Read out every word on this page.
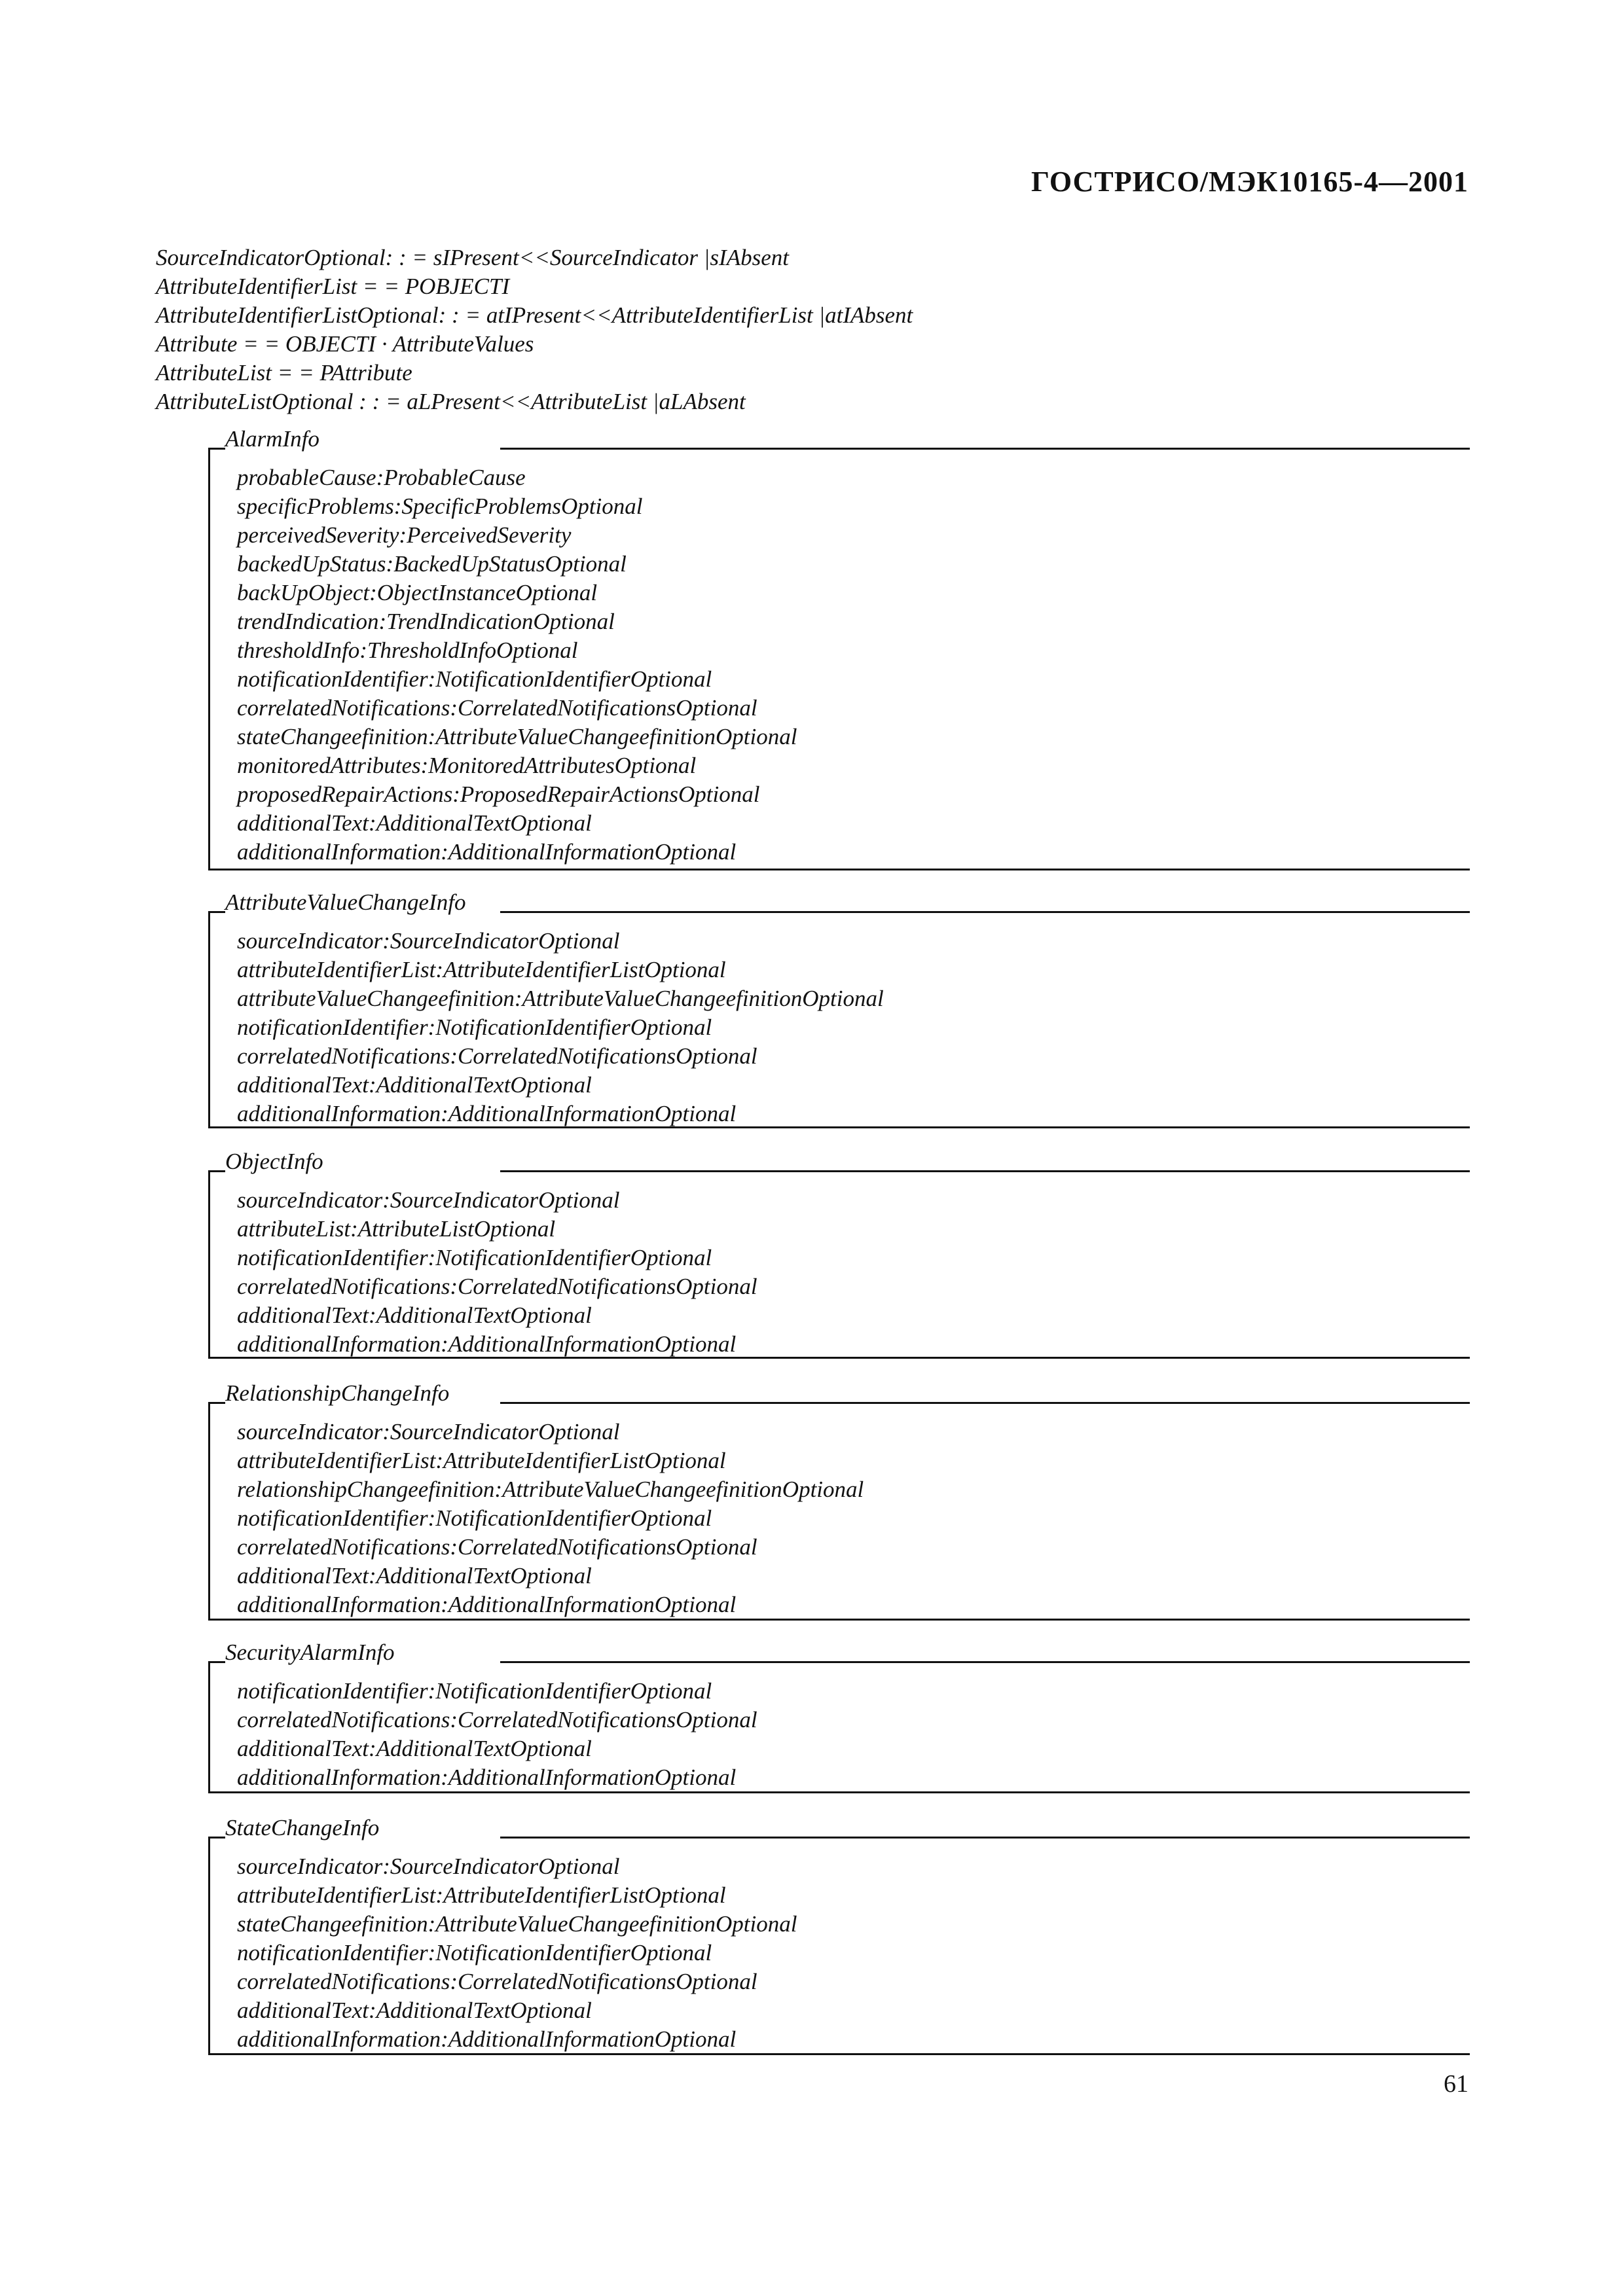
ГОСТРИСО/МЭК10165-4—2001
SourceIndicatorOptional: : = sIPresent<<SourceIndicator |sIAbsent
AttributeIdentifierList = = POBJECTI
AttributeIdentifierListOptional: : = atIPresent<<AttributeIdentifierList |atIAbsent
Attribute = = OBJECTI · AttributeValues
AttributeList = = PAttribute
AttributeListOptional : : = aLPresent<<AttributeList |aLAbsent
AlarmInfo
probableCause:ProbableCause
specificProblems:SpecificProblemsOptional
perceivedSeverity:PerceivedSeverity
backedUpStatus:BackedUpStatusOptional
backUpObject:ObjectInstanceOptional
trendIndication:TrendIndicationOptional
thresholdInfo:ThresholdInfoOptional
notificationIdentifier:NotificationIdentifierOptional
correlatedNotifications:CorrelatedNotificationsOptional
stateChangeefinition:AttributeValueChangeefinitionOptional
monitoredAttributes:MonitoredAttributesOptional
proposedRepairActions:ProposedRepairActionsOptional
additionalText:AdditionalTextOptional
additionalInformation:AdditionalInformationOptional
AttributeValueChangeInfo
sourceIndicator:SourceIndicatorOptional
attributeIdentifierList:AttributeIdentifierListOptional
attributeValueChangeefinition:AttributeValueChangeefinitionOptional
notificationIdentifier:NotificationIdentifierOptional
correlatedNotifications:CorrelatedNotificationsOptional
additionalText:AdditionalTextOptional
additionalInformation:AdditionalInformationOptional
ObjectInfo
sourceIndicator:SourceIndicatorOptional
attributeList:AttributeListOptional
notificationIdentifier:NotificationIdentifierOptional
correlatedNotifications:CorrelatedNotificationsOptional
additionalText:AdditionalTextOptional
additionalInformation:AdditionalInformationOptional
RelationshipChangeInfo
sourceIndicator:SourceIndicatorOptional
attributeIdentifierList:AttributeIdentifierListOptional
relationshipChangeefinition:AttributeValueChangeefinitionOptional
notificationIdentifier:NotificationIdentifierOptional
correlatedNotifications:CorrelatedNotificationsOptional
additionalText:AdditionalTextOptional
additionalInformation:AdditionalInformationOptional
SecurityAlarmInfo
notificationIdentifier:NotificationIdentifierOptional
correlatedNotifications:CorrelatedNotificationsOptional
additionalText:AdditionalTextOptional
additionalInformation:AdditionalInformationOptional
StateChangeInfo
sourceIndicator:SourceIndicatorOptional
attributeIdentifierList:AttributeIdentifierListOptional
stateChangeefinition:AttributeValueChangeefinitionOptional
notificationIdentifier:NotificationIdentifierOptional
correlatedNotifications:CorrelatedNotificationsOptional
additionalText:AdditionalTextOptional
additionalInformation:AdditionalInformationOptional
61
